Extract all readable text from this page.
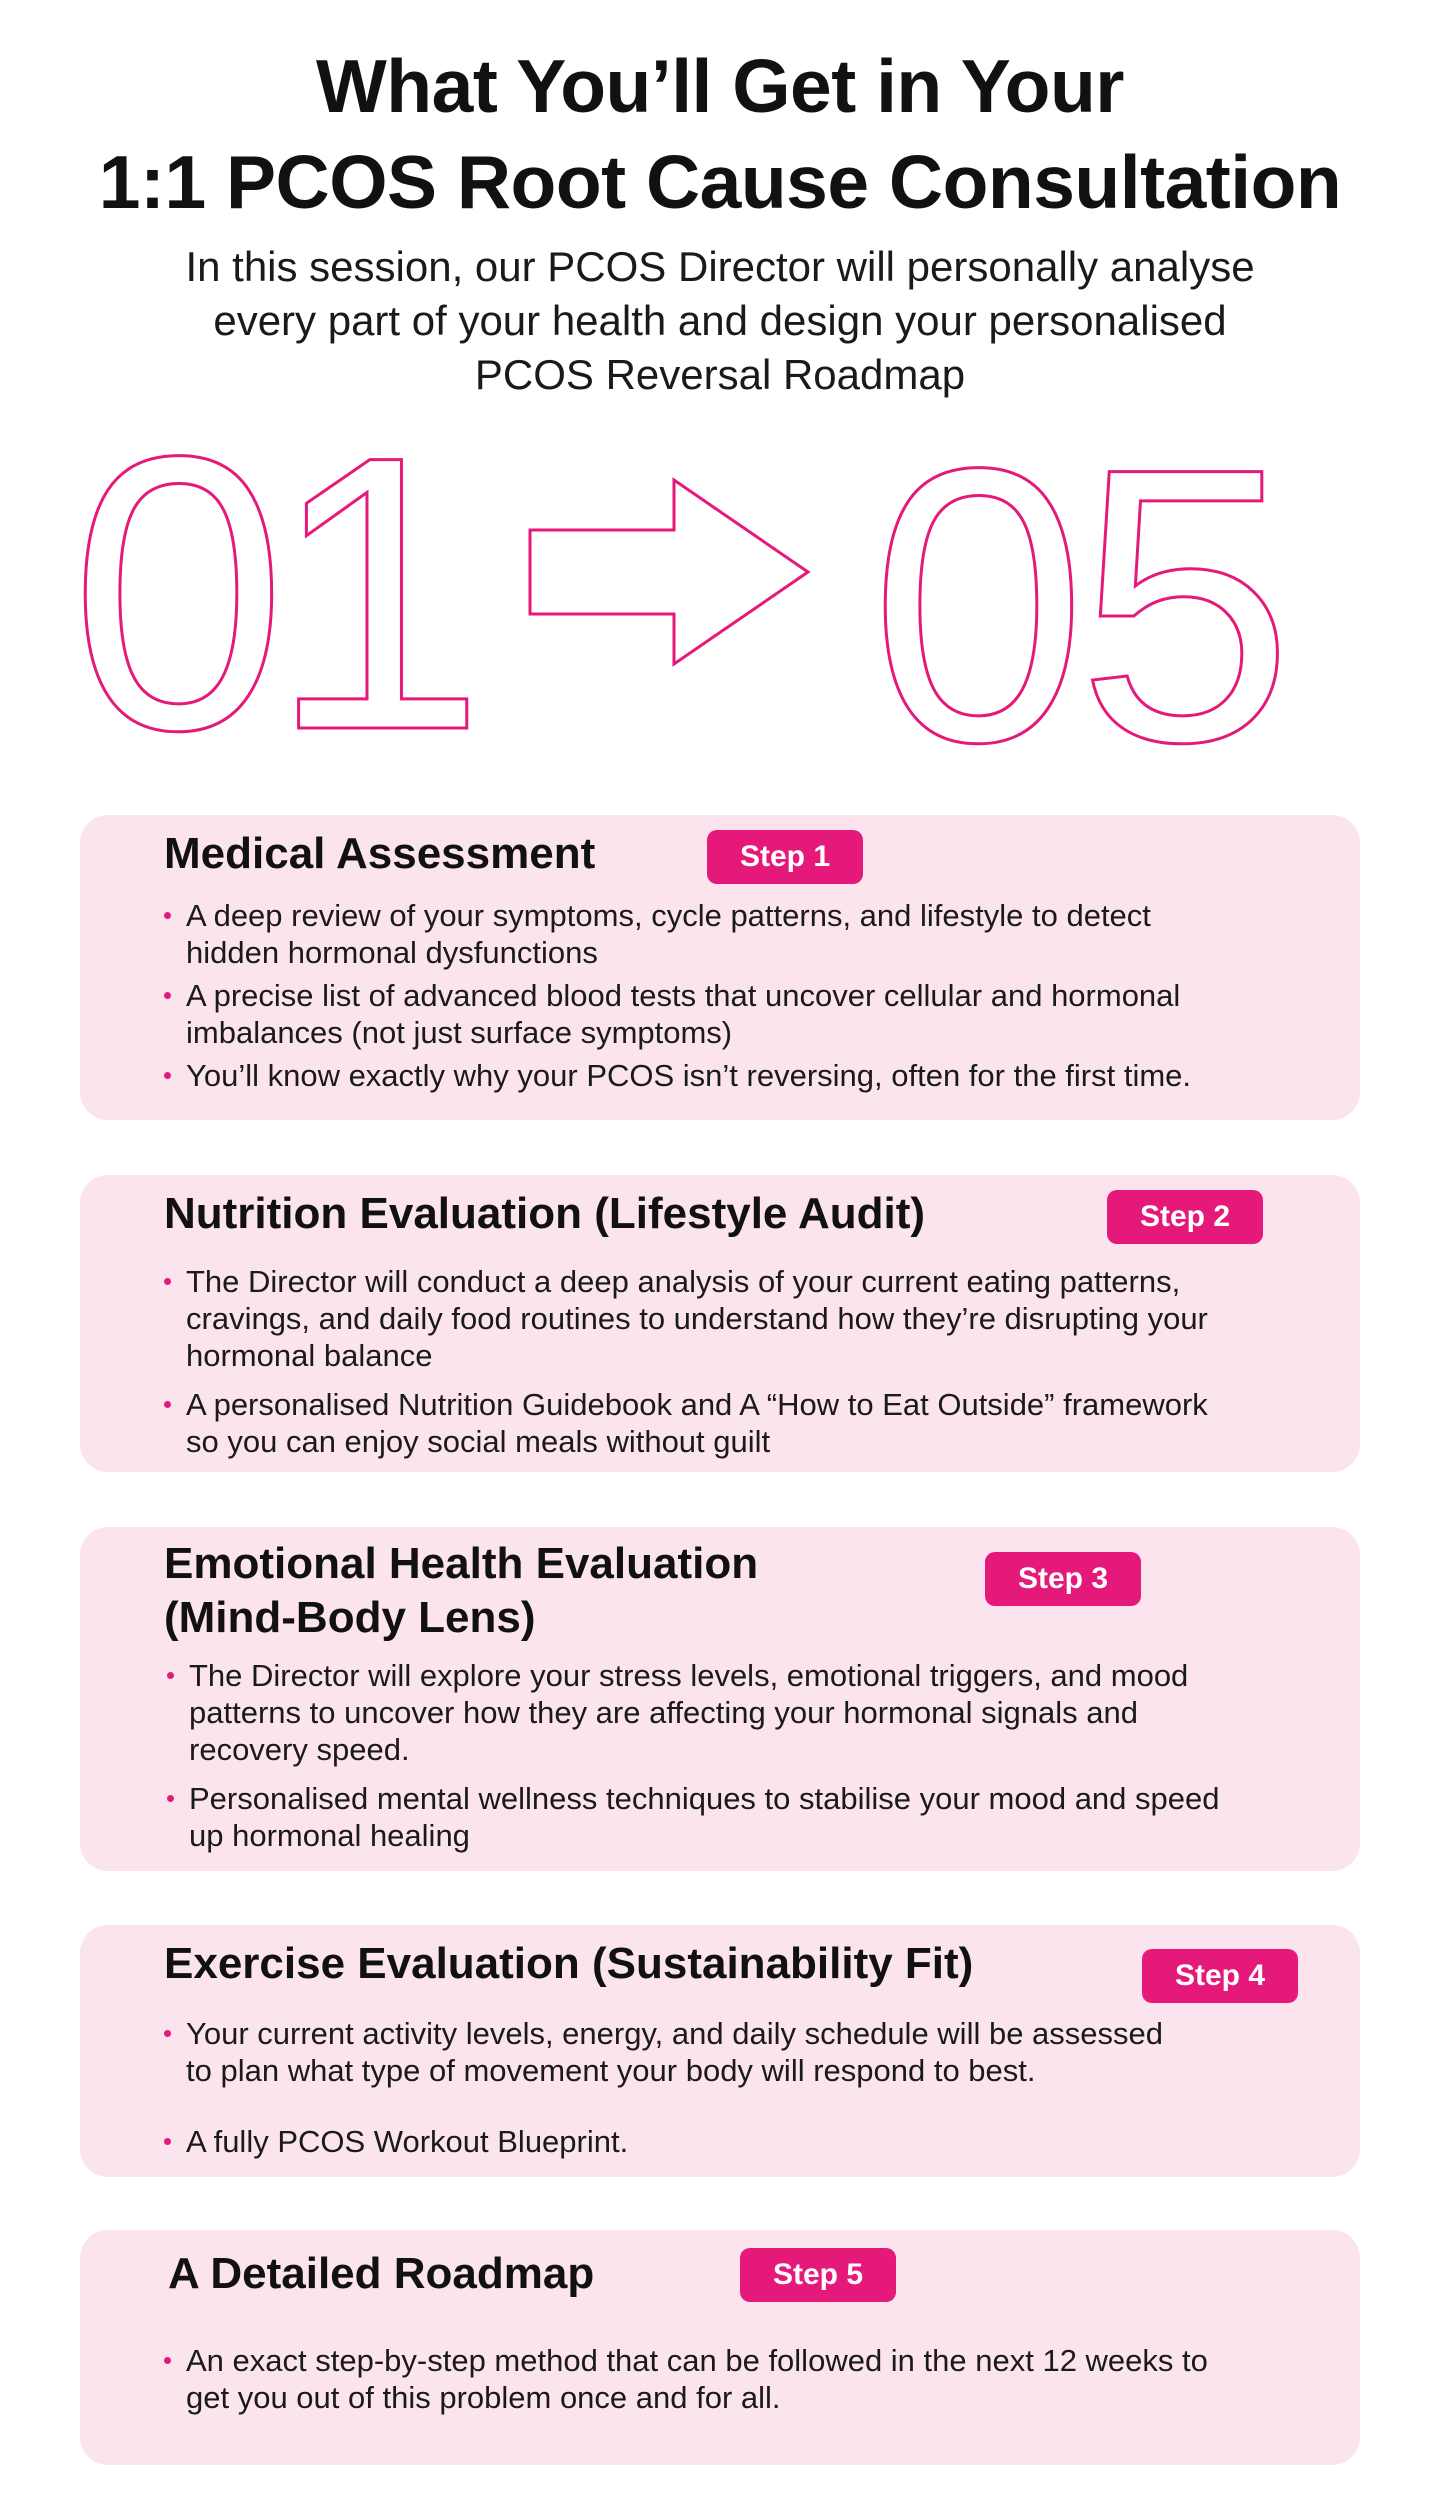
What You’ll Get in Your
1:1 PCOS Root Cause Consultation
In this session, our PCOS Director will personally analyse
every part of your health and design your personalised
PCOS Reversal Roadmap
01 05
Medical Assessment	Step 1
A deep review of your symptoms, cycle patterns, and lifestyle to detect
hidden hormonal dysfunctions
A precise list of advanced blood tests that uncover cellular and hormonal
imbalances (not just surface symptoms)
You’ll know exactly why your PCOS isn’t reversing, often for the first time.
Nutrition Evaluation (Lifestyle Audit)	Step 2
The Director will conduct a deep analysis of your current eating patterns,
cravings, and daily food routines to understand how they’re disrupting your
hormonal balance
A personalised Nutrition Guidebook and A “How to Eat Outside” framework
so you can enjoy social meals without guilt
Emotional Health Evaluation
(Mind-Body Lens)
Step 3
The Director will explore your stress levels, emotional triggers, and mood
patterns to uncover how they are affecting your hormonal signals and
recovery speed.
Personalised mental wellness techniques to stabilise your mood and speed
up hormonal healing
Exercise Evaluation (Sustainability Fit)	Step 4
Your current activity levels, energy, and daily schedule will be assessed
to plan what type of movement your body will respond to best.
A fully PCOS Workout Blueprint.
A Detailed Roadmap	Step 5
An exact step-by-step method that can be followed in the next 12 weeks to
get you out of this problem once and for all.
